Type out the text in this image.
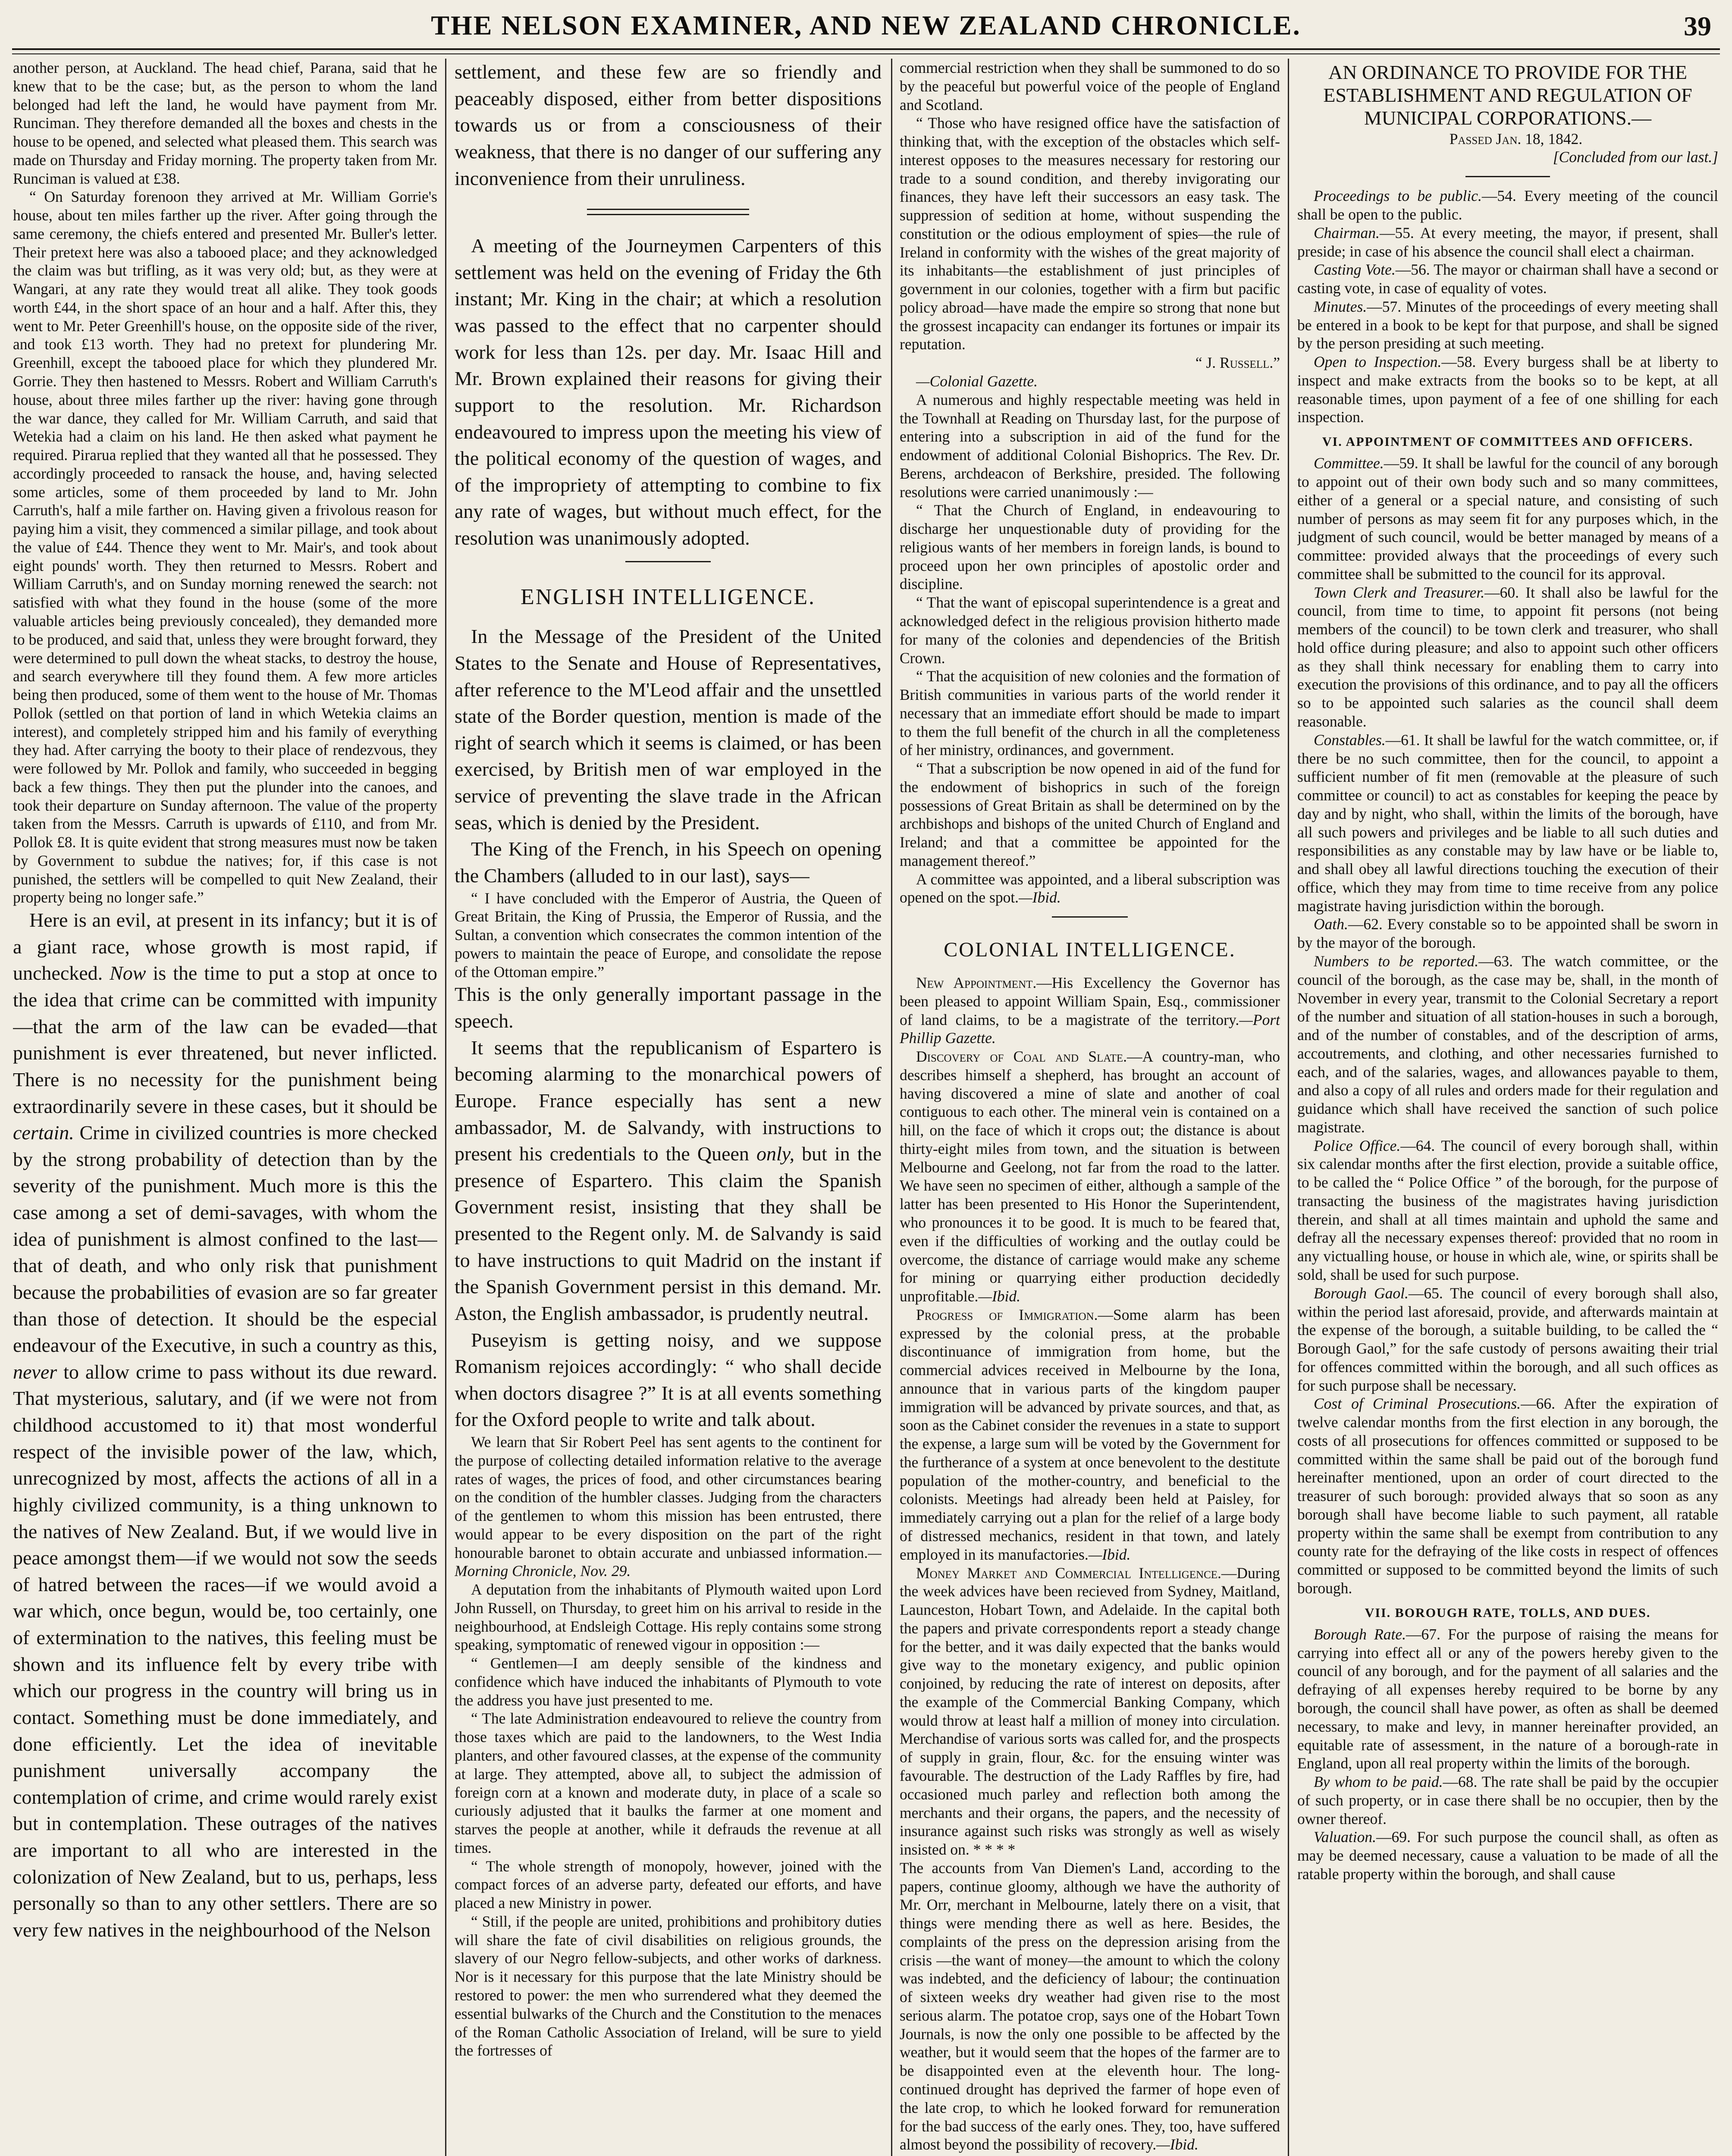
THE NELSON EXAMINER, AND NEW ZEALAND CHRONICLE.	39

another person, at Auckland. The head chief, Parana, said that he knew that to be the case; but, as the person to whom the land belonged had left the land, he would have payment from Mr. Runciman. They therefore demanded all the boxes and chests in the house to be opened, and selected what pleased them. This search was made on Thursday and Friday morning. The property taken from Mr. Runciman is valued at £38.

“ On Saturday forenoon they arrived at Mr. William Gorrie's house, about ten miles farther up the river. After going through the same ceremony, the chiefs entered and presented Mr. Buller's letter. Their pretext here was also a tabooed place; and they acknowledged the claim was but trifling, as it was very old; but, as they were at Wangari, at any rate they would treat all alike. They took goods worth £44, in the short space of an hour and a half. After this, they went to Mr. Peter Greenhill's house, on the opposite side of the river, and took £13 worth. They had no pretext for plundering Mr. Greenhill, except the tabooed place for which they plundered Mr. Gorrie. They then hastened to Messrs. Robert and William Carruth's house, about three miles farther up the river: having gone through the war dance, they called for Mr. William Carruth, and said that Wetekia had a claim on his land. He then asked what payment he required. Pirarua replied that they wanted all that he possessed. They accordingly proceeded to ransack the house, and, having selected some articles, some of them proceeded by land to Mr. John Carruth's, half a mile farther on. Having given a frivolous reason for paying him a visit, they commenced a similar pillage, and took about the value of £44. Thence they went to Mr. Mair's, and took about eight pounds' worth. They then returned to Messrs. Robert and William Carruth's, and on Sunday morning renewed the search: not satisfied with what they found in the house (some of the more valuable articles being previously concealed), they demanded more to be produced, and said that, unless they were brought forward, they were determined to pull down the wheat stacks, to destroy the house, and search everywhere till they found them. A few more articles being then produced, some of them went to the house of Mr. Thomas Pollok (settled on that portion of land in which Wetekia claims an interest), and completely stripped him and his family of everything they had. After carrying the booty to their place of rendezvous, they were followed by Mr. Pollok and family, who succeeded in begging back a few things. They then put the plunder into the canoes, and took their departure on Sunday afternoon. The value of the property taken from the Messrs. Carruth is upwards of £110, and from Mr. Pollok £8. It is quite evident that strong measures must now be taken by Government to subdue the natives; for, if this case is not punished, the settlers will be compelled to quit New Zealand, their property being no longer safe.”

Here is an evil, at present in its infancy; but it is of a giant race, whose growth is most rapid, if unchecked. Now is the time to put a stop at once to the idea that crime can be committed with impunity—that the arm of the law can be evaded—that punishment is ever threatened, but never inflicted. There is no necessity for the punishment being extraordinarily severe in these cases, but it should be certain. Crime in civilized countries is more checked by the strong probability of detection than by the severity of the punishment. Much more is this the case among a set of demi-savages, with whom the idea of punishment is almost confined to the last—that of death, and who only risk that punishment because the probabilities of evasion are so far greater than those of detection. It should be the especial endeavour of the Executive, in such a country as this, never to allow crime to pass without its due reward. That mysterious, salutary, and (if we were not from childhood accustomed to it) that most wonderful respect of the invisible power of the law, which, unrecognized by most, affects the actions of all in a highly civilized community, is a thing unknown to the natives of New Zealand. But, if we would live in peace amongst them—if we would not sow the seeds of hatred between the races—if we would avoid a war which, once begun, would be, too certainly, one of extermination to the natives, this feeling must be shown and its influence felt by every tribe with which our progress in the country will bring us in contact. Something must be done immediately, and done efficiently. Let the idea of inevitable punishment universally accompany the contemplation of crime, and crime would rarely exist but in contemplation. These outrages of the natives are important to all who are interested in the colonization of New Zealand, but to us, perhaps, less personally so than to any other settlers. There are so very few natives in the neighbourhood of the Nelson

settlement, and these few are so friendly and peaceably disposed, either from better dispositions towards us or from a consciousness of their weakness, that there is no danger of our suffering any inconvenience from their unruliness.

A meeting of the Journeymen Carpenters of this settlement was held on the evening of Friday the 6th instant; Mr. King in the chair; at which a resolution was passed to the effect that no carpenter should work for less than 12s. per day. Mr. Isaac Hill and Mr. Brown explained their reasons for giving their support to the resolution. Mr. Richardson endeavoured to impress upon the meeting his view of the political economy of the question of wages, and of the impropriety of attempting to combine to fix any rate of wages, but without much effect, for the resolution was unanimously adopted.

ENGLISH INTELLIGENCE.

In the Message of the President of the United States to the Senate and House of Representatives, after reference to the M'Leod affair and the unsettled state of the Border question, mention is made of the right of search which it seems is claimed, or has been exercised, by British men of war employed in the service of preventing the slave trade in the African seas, which is denied by the President.

The King of the French, in his Speech on opening the Chambers (alluded to in our last), says—

“ I have concluded with the Emperor of Austria, the Queen of Great Britain, the King of Prussia, the Emperor of Russia, and the Sultan, a convention which consecrates the common intention of the powers to maintain the peace of Europe, and consolidate the repose of the Ottoman empire.”

This is the only generally important passage in the speech.

It seems that the republicanism of Espartero is becoming alarming to the monarchical powers of Europe. France especially has sent a new ambassador, M. de Salvandy, with instructions to present his credentials to the Queen only, but in the presence of Espartero. This claim the Spanish Government resist, insisting that they shall be presented to the Regent only. M. de Salvandy is said to have instructions to quit Madrid on the instant if the Spanish Government persist in this demand. Mr. Aston, the English ambassador, is prudently neutral.

Puseyism is getting noisy, and we suppose Romanism rejoices accordingly: “ who shall decide when doctors disagree ?” It is at all events something for the Oxford people to write and talk about.

We learn that Sir Robert Peel has sent agents to the continent for the purpose of collecting detailed information relative to the average rates of wages, the prices of food, and other circumstances bearing on the condition of the humbler classes. Judging from the characters of the gentlemen to whom this mission has been entrusted, there would appear to be every disposition on the part of the right honourable baronet to obtain accurate and unbiassed information.—Morning Chronicle, Nov. 29.

A deputation from the inhabitants of Plymouth waited upon Lord John Russell, on Thursday, to greet him on his arrival to reside in the neighbourhood, at Endsleigh Cottage. His reply contains some strong speaking, symptomatic of renewed vigour in opposition :—

“ Gentlemen—I am deeply sensible of the kindness and confidence which have induced the inhabitants of Plymouth to vote the address you have just presented to me.

“ The late Administration endeavoured to relieve the country from those taxes which are paid to the landowners, to the West India planters, and other favoured classes, at the expense of the community at large. They attempted, above all, to subject the admission of foreign corn at a known and moderate duty, in place of a scale so curiously adjusted that it baulks the farmer at one moment and starves the people at another, while it defrauds the revenue at all times.

“ The whole strength of monopoly, however, joined with the compact forces of an adverse party, defeated our efforts, and have placed a new Ministry in power.

“ Still, if the people are united, prohibitions and prohibitory duties will share the fate of civil disabilities on religious grounds, the slavery of our Negro fellow-subjects, and other works of darkness. Nor is it necessary for this purpose that the late Ministry should be restored to power: the men who surrendered what they deemed the essential bulwarks of the Church and the Constitution to the menaces of the Roman Catholic Association of Ireland, will be sure to yield the fortresses of

commercial restriction when they shall be summoned to do so by the peaceful but powerful voice of the people of England and Scotland.

“ Those who have resigned office have the satisfaction of thinking that, with the exception of the obstacles which self-interest opposes to the measures necessary for restoring our trade to a sound condition, and thereby invigorating our finances, they have left their successors an easy task. The suppression of sedition at home, without suspending the constitution or the odious employment of spies—the rule of Ireland in conformity with the wishes of the great majority of its inhabitants—the establishment of just principles of government in our colonies, together with a firm but pacific policy abroad—have made the empire so strong that none but the grossest incapacity can endanger its fortunes or impair its reputation.

“ J. Russell.”

—Colonial Gazette.

A numerous and highly respectable meeting was held in the Townhall at Reading on Thursday last, for the purpose of entering into a subscription in aid of the fund for the endowment of additional Colonial Bishoprics. The Rev. Dr. Berens, archdeacon of Berkshire, presided. The following resolutions were carried unanimously :—

“ That the Church of England, in endeavouring to discharge her unquestionable duty of providing for the religious wants of her members in foreign lands, is bound to proceed upon her own principles of apostolic order and discipline.

“ That the want of episcopal superintendence is a great and acknowledged defect in the religious provision hitherto made for many of the colonies and dependencies of the British Crown.

“ That the acquisition of new colonies and the formation of British communities in various parts of the world render it necessary that an immediate effort should be made to impart to them the full benefit of the church in all the completeness of her ministry, ordinances, and government.

“ That a subscription be now opened in aid of the fund for the endowment of bishoprics in such of the foreign possessions of Great Britain as shall be determined on by the archbishops and bishops of the united Church of England and Ireland; and that a committee be appointed for the management thereof.”

A committee was appointed, and a liberal subscription was opened on the spot.—Ibid.

COLONIAL INTELLIGENCE.

New Appointment.—His Excellency the Governor has been pleased to appoint William Spain, Esq., commissioner of land claims, to be a magistrate of the territory.—Port Phillip Gazette.

Discovery of Coal and Slate.—A country-man, who describes himself a shepherd, has brought an account of having discovered a mine of slate and another of coal contiguous to each other. The mineral vein is contained on a hill, on the face of which it crops out; the distance is about thirty-eight miles from town, and the situation is between Melbourne and Geelong, not far from the road to the latter. We have seen no specimen of either, although a sample of the latter has been presented to His Honor the Superintendent, who pronounces it to be good. It is much to be feared that, even if the difficulties of working and the outlay could be overcome, the distance of carriage would make any scheme for mining or quarrying either production decidedly unprofitable.—Ibid.

Progress of Immigration.—Some alarm has been expressed by the colonial press, at the probable discontinuance of immigration from home, but the commercial advices received in Melbourne by the Iona, announce that in various parts of the kingdom pauper immigration will be advanced by private sources, and that, as soon as the Cabinet consider the revenues in a state to support the expense, a large sum will be voted by the Government for the furtherance of a system at once benevolent to the destitute population of the mother-country, and beneficial to the colonists. Meetings had already been held at Paisley, for immediately carrying out a plan for the relief of a large body of distressed mechanics, resident in that town, and lately employed in its manufactories.—Ibid.

Money Market and Commercial Intelligence.—During the week advices have been recieved from Sydney, Maitland, Launceston, Hobart Town, and Adelaide. In the capital both the papers and private correspondents report a steady change for the better, and it was daily expected that the banks would give way to the monetary exigency, and public opinion conjoined, by reducing the rate of interest on deposits, after the example of the Commercial Banking Company, which would throw at least half a million of money into circulation. Merchandise of various sorts was called for, and the prospects of supply in grain, flour, &c. for the ensuing winter was favourable. The destruction of the Lady Raffles by fire, had occasioned much parley and reflection both among the merchants and their organs, the papers, and the necessity of insurance against such risks was strongly as well as wisely insisted on. * * * *

The accounts from Van Diemen's Land, according to the papers, continue gloomy, although we have the authority of Mr. Orr, merchant in Melbourne, lately there on a visit, that things were mending there as well as here. Besides, the complaints of the press on the depression arising from the crisis —the want of money—the amount to which the colony was indebted, and the deficiency of labour; the continuation of sixteen weeks dry weather had given rise to the most serious alarm. The potatoe crop, says one of the Hobart Town Journals, is now the only one possible to be affected by the weather, but it would seem that the hopes of the farmer are to be disappointed even at the eleventh hour. The long-continued drought has deprived the farmer of hope even of the late crop, to which he looked forward for remuneration for the bad success of the early ones. They, too, have suffered almost beyond the possibility of recovery.—Ibid.

AN ORDINANCE TO PROVIDE FOR THE ESTABLISHMENT AND REGULATION OF MUNICIPAL CORPORATIONS.—

Passed Jan. 18, 1842.

[Concluded from our last.]

Proceedings to be public.—54. Every meeting of the council shall be open to the public.

Chairman.—55. At every meeting, the mayor, if present, shall preside; in case of his absence the council shall elect a chairman.

Casting Vote.—56. The mayor or chairman shall have a second or casting vote, in case of equality of votes.

Minutes.—57. Minutes of the proceedings of every meeting shall be entered in a book to be kept for that purpose, and shall be signed by the person presiding at such meeting.

Open to Inspection.—58. Every burgess shall be at liberty to inspect and make extracts from the books so to be kept, at all reasonable times, upon payment of a fee of one shilling for each inspection.

VI. APPOINTMENT OF COMMITTEES AND OFFICERS.

Committee.—59. It shall be lawful for the council of any borough to appoint out of their own body such and so many committees, either of a general or a special nature, and consisting of such number of persons as may seem fit for any purposes which, in the judgment of such council, would be better managed by means of a committee: provided always that the proceedings of every such committee shall be submitted to the council for its approval.

Town Clerk and Treasurer.—60. It shall also be lawful for the council, from time to time, to appoint fit persons (not being members of the council) to be town clerk and treasurer, who shall hold office during pleasure; and also to appoint such other officers as they shall think necessary for enabling them to carry into execution the provisions of this ordinance, and to pay all the officers so to be appointed such salaries as the council shall deem reasonable.

Constables.—61. It shall be lawful for the watch committee, or, if there be no such committee, then for the council, to appoint a sufficient number of fit men (removable at the pleasure of such committee or council) to act as constables for keeping the peace by day and by night, who shall, within the limits of the borough, have all such powers and privileges and be liable to all such duties and responsibilities as any constable may by law have or be liable to, and shall obey all lawful directions touching the execution of their office, which they may from time to time receive from any police magistrate having jurisdiction within the borough.

Oath.—62. Every constable so to be appointed shall be sworn in by the mayor of the borough.

Numbers to be reported.—63. The watch committee, or the council of the borough, as the case may be, shall, in the month of November in every year, transmit to the Colonial Secretary a report of the number and situation of all station-houses in such a borough, and of the number of constables, and of the description of arms, accoutrements, and clothing, and other necessaries furnished to each, and of the salaries, wages, and allowances payable to them, and also a copy of all rules and orders made for their regulation and guidance which shall have received the sanction of such police magistrate.

Police Office.—64. The council of every borough shall, within six calendar months after the first election, provide a suitable office, to be called the “ Police Office ” of the borough, for the purpose of transacting the business of the magistrates having jurisdiction therein, and shall at all times maintain and uphold the same and defray all the necessary expenses thereof: provided that no room in any victualling house, or house in which ale, wine, or spirits shall be sold, shall be used for such purpose.

Borough Gaol.—65. The council of every borough shall also, within the period last aforesaid, provide, and afterwards maintain at the expense of the borough, a suitable building, to be called the “ Borough Gaol,” for the safe custody of persons awaiting their trial for offences committed within the borough, and all such offices as for such purpose shall be necessary.

Cost of Criminal Prosecutions.—66. After the expiration of twelve calendar months from the first election in any borough, the costs of all prosecutions for offences committed or supposed to be committed within the same shall be paid out of the borough fund hereinafter mentioned, upon an order of court directed to the treasurer of such borough: provided always that so soon as any borough shall have become liable to such payment, all ratable property within the same shall be exempt from contribution to any county rate for the defraying of the like costs in respect of offences committed or supposed to be committed beyond the limits of such borough.

VII. BOROUGH RATE, TOLLS, AND DUES.

Borough Rate.—67. For the purpose of raising the means for carrying into effect all or any of the powers hereby given to the council of any borough, and for the payment of all salaries and the defraying of all expenses hereby required to be borne by any borough, the council shall have power, as often as shall be deemed necessary, to make and levy, in manner hereinafter provided, an equitable rate of assessment, in the nature of a borough-rate in England, upon all real property within the limits of the borough.

By whom to be paid.—68. The rate shall be paid by the occupier of such property, or in case there shall be no occupier, then by the owner thereof.

Valuation.—69. For such purpose the council shall, as often as may be deemed necessary, cause a valuation to be made of all the ratable property within the borough, and shall cause
